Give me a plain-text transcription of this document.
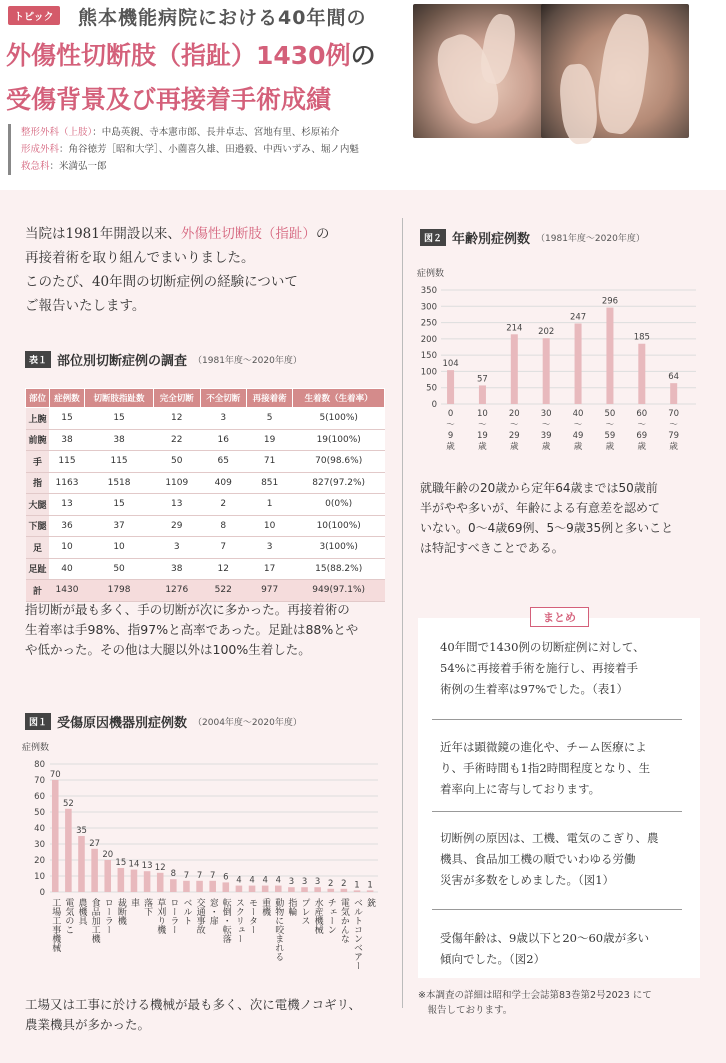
トピック	熊本機能病院における40年間の
外傷性切断肢（指趾）1430例の
受傷背景及び再接着手術成績
整形外科（上肢）：中島英親、寺本憲市郎、長井卓志、宮地有里、杉原祐介
形成外科：角谷徳芳［昭和大学］、小薗喜久雄、田邉毅、中西いずみ、堀ノ内魁
救急科：米満弘一郎
当院は1981年開設以来、外傷性切断肢（指趾）の
再接着術を取り組んでまいりました。
このたび、40年間の切断症例の経験について
ご報告いたします。
表１ 部位別切断症例の調査 （1981年度〜2020年度）
部位	症例数	切断肢指趾数	完全切断	不全切断	再接着術	生着数（生着率）
上腕	15	15	12	3	5	5(100%)
前腕	38	38	22	16	19	19(100%)
手	115	115	50	65	71	70(98.6%)
指	1163	1518	1109	409	851	827(97.2%)
大腿	13	15	13	2	1	0(0%)
下腿	36	37	29	8	10	10(100%)
足	10	10	3	7	3	3(100%)
足趾	40	50	38	12	17	15(88.2%)
計	1430	1798	1276	522	977	949(97.1%)
指切断が最も多く、手の切断が次に多かった。再接着術の
生着率は手98%、指97%と高率であった。足趾は88%とや
や低かった。その他は大腿以外は100%生着した。
図１ 受傷原因機器別症例数 （2004年度〜2020年度）
症例数
0
10
20
30
40
50
60
70
80
70
工場工事機械
52
電気のこ
35
農機具
27
食品加工機
20
ローラー
15
裁断機
14
車
13
落下
12
草刈り機
8
ローラー
7
ベルト
7
交通事故
7
窓・扉
6
転倒・転落
4
スクリュー
4
モーター
4
重機
4
動物に咬まれる
3
指輪
3
プレス
3
水産機械
2
チェーン
2
電気かんな
1
ベルトコンベアー
1
銃
工場又は工事に於ける機械が最も多く、次に電機ノコギリ、
農業機具が多かった。
図２ 年齢別症例数 （1981年度〜2020年度）
症例数
0
50
100
150
200
250
300
350
104
0 〜 9 歳
57
10 〜 19 歳
214
20 〜 29 歳
202
30 〜 39 歳
247
40 〜 49 歳
296
50 〜 59 歳
185
60 〜 69 歳
64
70 〜 79 歳
就職年齢の20歳から定年64歳までは50歳前
半がやや多いが、年齢による有意差を認めて
いない。0〜4歳69例、5〜9歳35例と多いこと
は特記すべきことである。
まとめ
40年間で1430例の切断症例に対して、
54%に再接着手術を施行し、再接着手
術例の生着率は97%でした。（表1）
近年は顕微鏡の進化や、チーム医療によ
り、手術時間も1指2時間程度となり、生
着率向上に寄与しております。
切断例の原因は、工機、電気のこぎり、農
機具、食品加工機の順でいわゆる労働
災害が多数をしめました。（図1）
受傷年齢は、9歳以下と20〜60歳が多い
傾向でした。（図2）
※本調査の詳細は昭和学士会誌第83巻第2号2023 にて
　報告しております。
